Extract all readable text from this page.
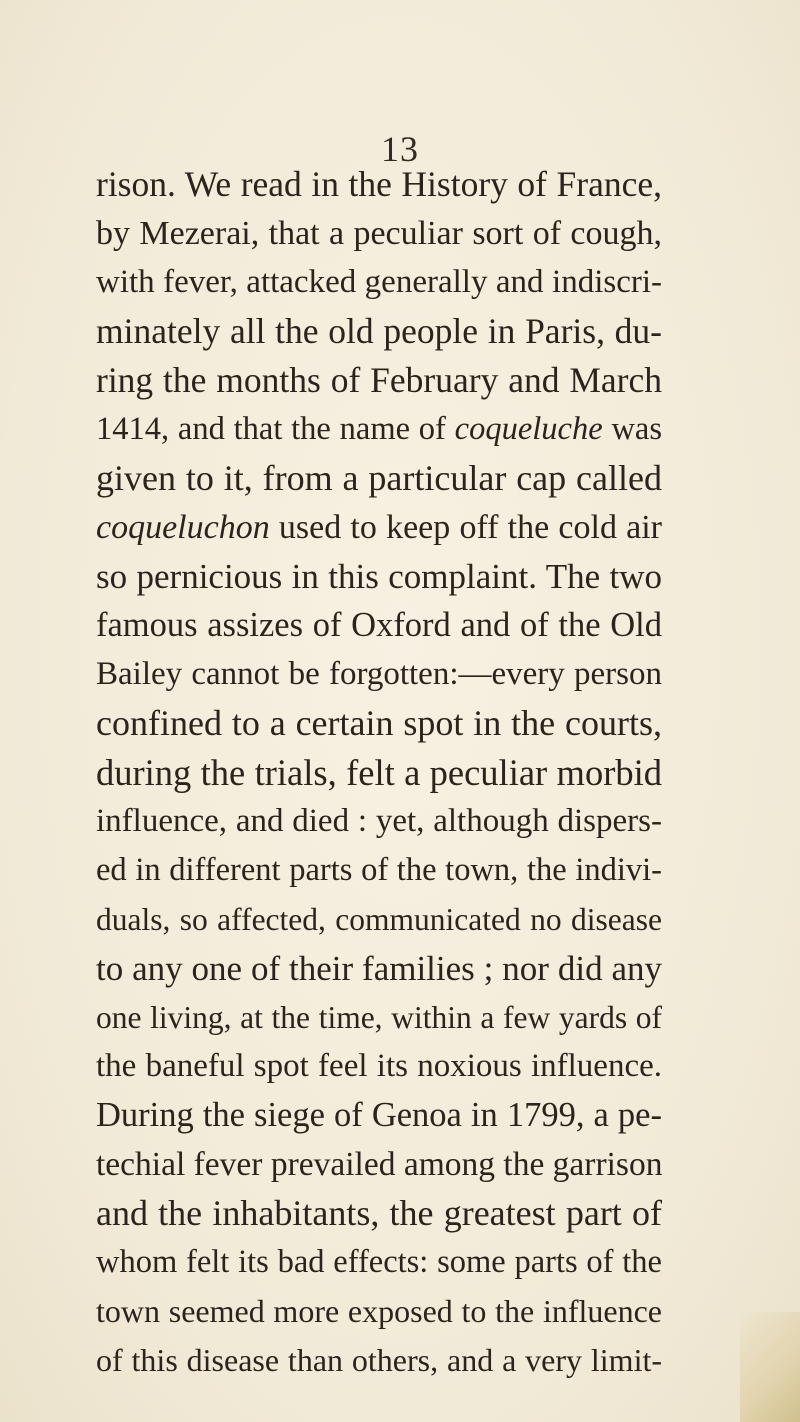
13
rison. We read in the History of France,
by Mezerai, that a peculiar sort of cough,
with fever, attacked generally and indiscri-
minately all the old people in Paris, du-
ring the months of February and March
1414, and that the name of coqueluche was
given to it, from a particular cap called
coqueluchon used to keep off the cold air
so pernicious in this complaint. The two
famous assizes of Oxford and of the Old
Bailey cannot be forgotten:—every person
confined to a certain spot in the courts,
during the trials, felt a peculiar morbid
influence, and died : yet, although dispers-
ed in different parts of the town, the indivi-
duals, so affected, communicated no disease
to any one of their families ; nor did any
one living, at the time, within a few yards of
the baneful spot feel its noxious influence.
During the siege of Genoa in 1799, a pe-
techial fever prevailed among the garrison
and the inhabitants, the greatest part of
whom felt its bad effects: some parts of the
town seemed more exposed to the influence
of this disease than others, and a very limit-
